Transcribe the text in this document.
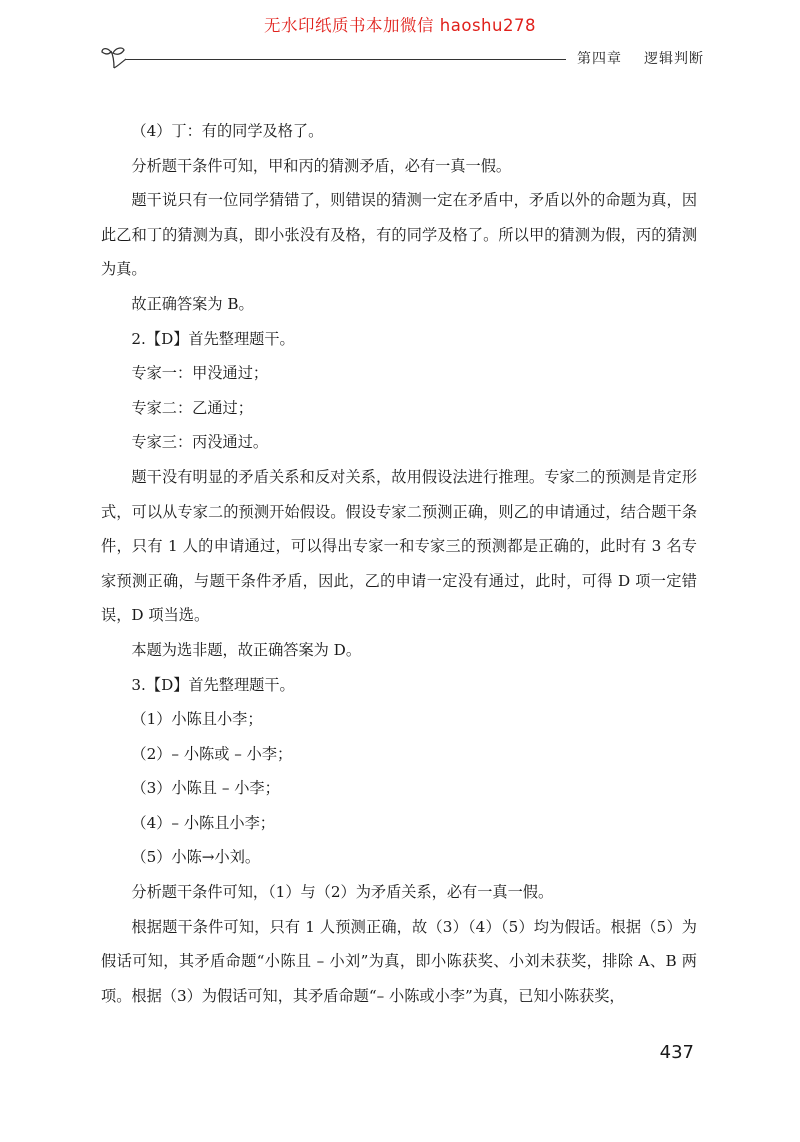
无水印纸质书本加微信 haoshu278
第四章 逻辑判断

（4）丁：有的同学及格了。

分析题干条件可知，甲和丙的猜测矛盾，必有一真一假。

题干说只有一位同学猜错了，则错误的猜测一定在矛盾中，矛盾以外的命题为真，因此乙和丁的猜测为真，即小张没有及格，有的同学及格了。所以甲的猜测为假，丙的猜测为真。

故正确答案为 B。

2.【D】首先整理题干。

专家一：甲没通过；

专家二：乙通过；

专家三：丙没通过。

题干没有明显的矛盾关系和反对关系，故用假设法进行推理。专家二的预测是肯定形式，可以从专家二的预测开始假设。假设专家二预测正确，则乙的申请通过，结合题干条件，只有 1 人的申请通过，可以得出专家一和专家三的预测都是正确的，此时有 3 名专家预测正确，与题干条件矛盾，因此，乙的申请一定没有通过，此时，可得 D 项一定错误，D 项当选。

本题为选非题，故正确答案为 D。

3.【D】首先整理题干。

（1）小陈且小李；

（2）– 小陈或 – 小李；

（3）小陈且 – 小李；

（4）– 小陈且小李；

（5）小陈→小刘。

分析题干条件可知，（1）与（2）为矛盾关系，必有一真一假。

根据题干条件可知，只有 1 人预测正确，故（3）（4）（5）均为假话。根据（5）为假话可知，其矛盾命题“小陈且 – 小刘”为真，即小陈获奖、小刘未获奖，排除 A、B 两项。根据（3）为假话可知，其矛盾命题“– 小陈或小李”为真，已知小陈获奖，

437
